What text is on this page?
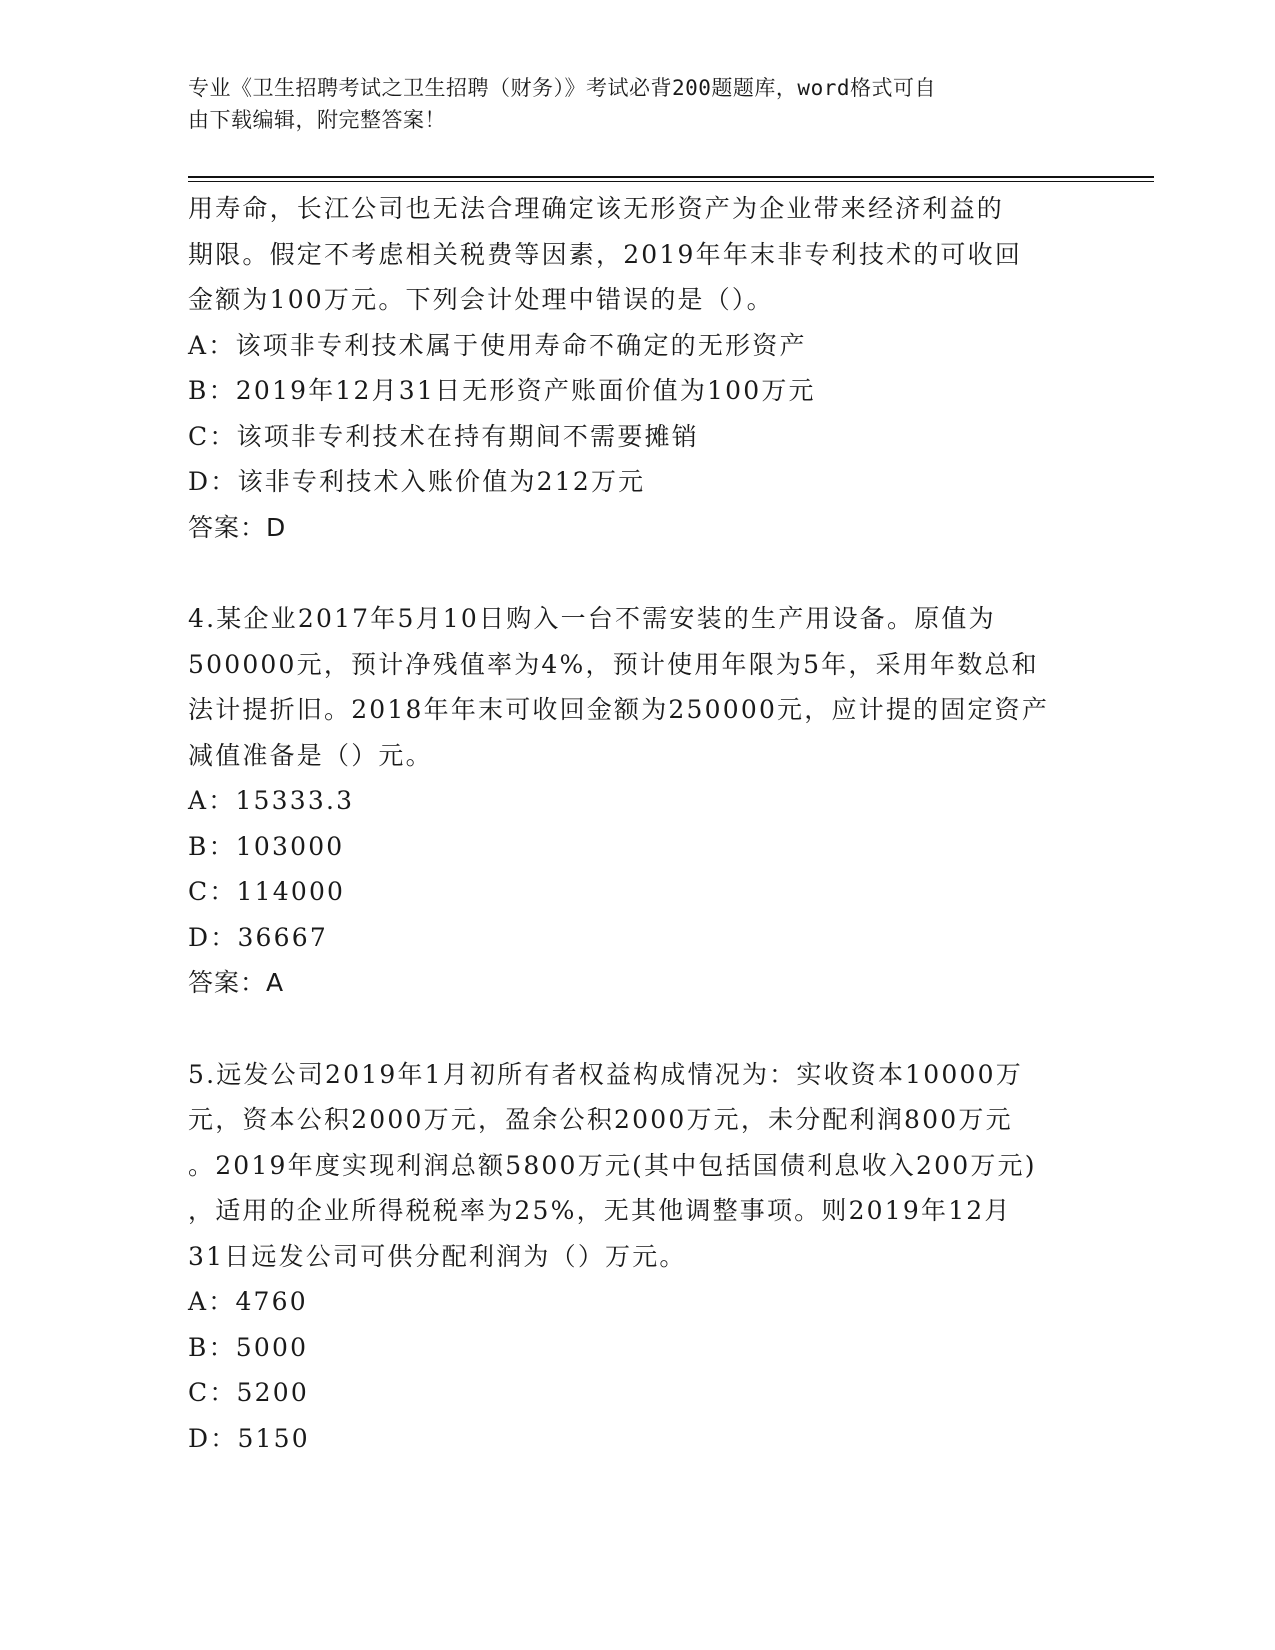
专业《卫生招聘考试之卫生招聘（财务）》考试必背200题题库，word格式可自
由下载编辑，附完整答案！
用寿命，长江公司也无法合理确定该无形资产为企业带来经济利益的
期限。假定不考虑相关税费等因素，2019年年末非专利技术的可收回
金额为100万元。下列会计处理中错误的是（）。
A：该项非专利技术属于使用寿命不确定的无形资产
B：2019年12月31日无形资产账面价值为100万元
C：该项非专利技术在持有期间不需要摊销
D：该非专利技术入账价值为212万元
答案：D
4.某企业2017年5月10日购入一台不需安装的生产用设备。原值为
500000元，预计净残值率为4%，预计使用年限为5年，采用年数总和
法计提折旧。2018年年末可收回金额为250000元，应计提的固定资产
减值准备是（）元。
A：15333.3
B：103000
C：114000
D：36667
答案：A
5.远发公司2019年1月初所有者权益构成情况为：实收资本10000万
元，资本公积2000万元，盈余公积2000万元，未分配利润800万元
。2019年度实现利润总额5800万元(其中包括国债利息收入200万元)
，适用的企业所得税税率为25%，无其他调整事项。则2019年12月
31日远发公司可供分配利润为（）万元。
A：4760
B：5000
C：5200
D：5150
